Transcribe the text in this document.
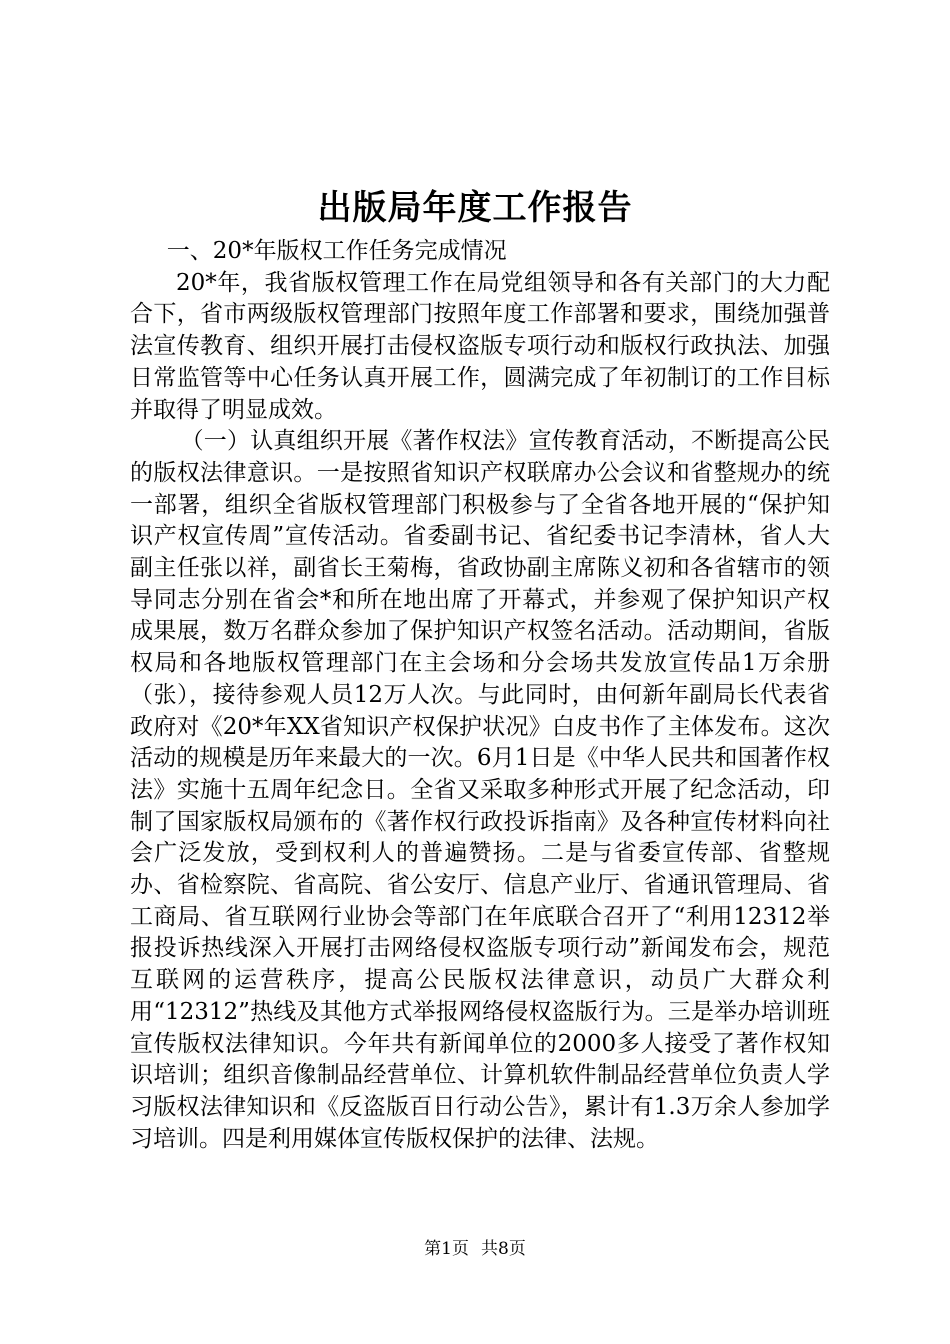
出版局年度工作报告

一、20*年版权工作任务完成情况

20*年，我省版权管理工作在局党组领导和各有关部门的大力配合下，省市两级版权管理部门按照年度工作部署和要求，围绕加强普法宣传教育、组织开展打击侵权盗版专项行动和版权行政执法、加强日常监管等中心任务认真开展工作，圆满完成了年初制订的工作目标并取得了明显成效。

（一）认真组织开展《著作权法》宣传教育活动，不断提高公民的版权法律意识。一是按照省知识产权联席办公会议和省整规办的统一部署，组织全省版权管理部门积极参与了全省各地开展的“保护知识产权宣传周”宣传活动。省委副书记、省纪委书记李清林，省人大副主任张以祥，副省长王菊梅，省政协副主席陈义初和各省辖市的领导同志分别在省会*和所在地出席了开幕式，并参观了保护知识产权成果展，数万名群众参加了保护知识产权签名活动。活动期间，省版权局和各地版权管理部门在主会场和分会场共发放宣传品1万余册（张），接待参观人员12万人次。与此同时，由何新年副局长代表省政府对《20*年XX省知识产权保护状况》白皮书作了主体发布。这次活动的规模是历年来最大的一次。6月1日是《中华人民共和国著作权法》实施十五周年纪念日。全省又采取多种形式开展了纪念活动，印制了国家版权局颁布的《著作权行政投诉指南》及各种宣传材料向社会广泛发放，受到权利人的普遍赞扬。二是与省委宣传部、省整规办、省检察院、省高院、省公安厅、信息产业厅、省通讯管理局、省工商局、省互联网行业协会等部门在年底联合召开了“利用12312举报投诉热线深入开展打击网络侵权盗版专项行动”新闻发布会，规范互联网的运营秩序，提高公民版权法律意识，动员广大群众利用“12312”热线及其他方式举报网络侵权盗版行为。三是举办培训班宣传版权法律知识。今年共有新闻单位的2000多人接受了著作权知识培训；组织音像制品经营单位、计算机软件制品经营单位负责人学习版权法律知识和《反盗版百日行动公告》，累计有1.3万余人参加学习培训。四是利用媒体宣传版权保护的法律、法规。

第1页 共8页
